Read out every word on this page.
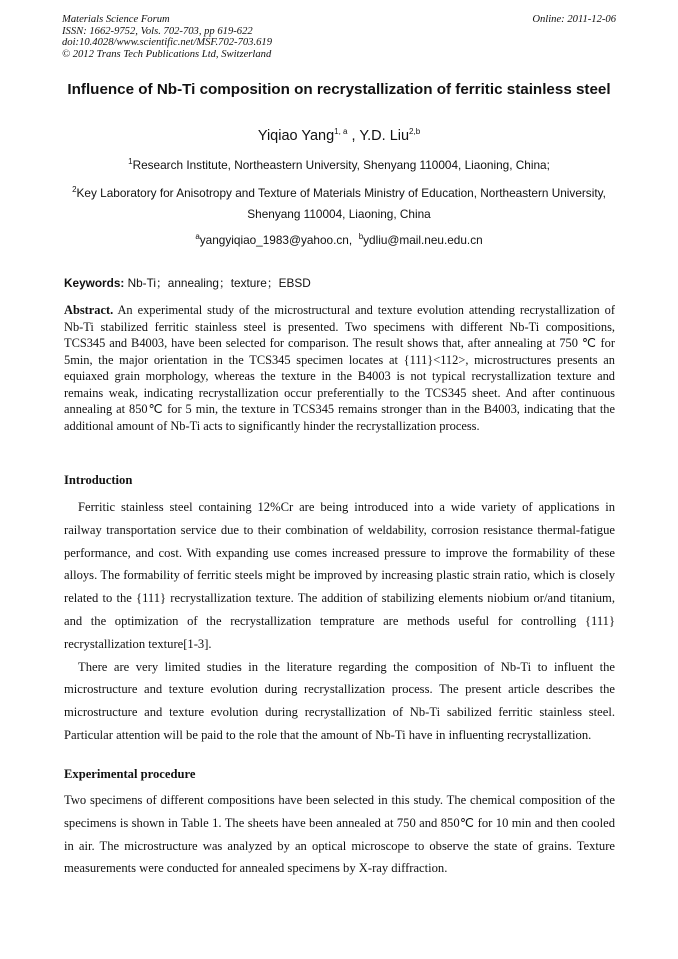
Materials Science Forum
ISSN: 1662-9752, Vols. 702-703, pp 619-622
doi:10.4028/www.scientific.net/MSF.702-703.619
© 2012 Trans Tech Publications Ltd, Switzerland
Online: 2011-12-06
Influence of Nb-Ti composition on recrystallization of ferritic stainless steel
Yiqiao Yang$^{1, a}$ , Y.D. Liu$^{2,b}$
$^1$Research Institute, Northeastern University, Shenyang 110004, Liaoning, China;
$^2$Key Laboratory for Anisotropy and Texture of Materials Ministry of Education, Northeastern University, Shenyang 110004, Liaoning, China
$^a$yangyiqiao_1983@yahoo.cn, $^b$ydliu@mail.neu.edu.cn
Keywords: Nb-Ti；annealing；texture；EBSD
Abstract. An experimental study of the microstructural and texture evolution attending recrystallization of Nb-Ti stabilized ferritic stainless steel is presented. Two specimens with different Nb-Ti compositions, TCS345 and B4003, have been selected for comparison. The result shows that, after annealing at 750 ℃ for 5min, the major orientation in the TCS345 specimen locates at {111}<112>, microstructures presents an equiaxed grain morphology, whereas the texture in the B4003 is not typical recrystallization texture and remains weak, indicating recrystallization occur preferentially to the TCS345 sheet. And after continuous annealing at 850℃ for 5 min, the texture in TCS345 remains stronger than in the B4003, indicating that the additional amount of Nb-Ti acts to significantly hinder the recrystallization process.
Introduction

Ferritic stainless steel containing 12%Cr are being introduced into a wide variety of applications in railway transportation service due to their combination of weldability, corrosion resistance thermal-fatigue performance, and cost. With expanding use comes increased pressure to improve the formability of these alloys. The formability of ferritic steels might be improved by increasing plastic strain ratio, which is closely related to the {111} recrystallization texture. The addition of stabilizing elements niobium or/and titanium, and the optimization of the recrystallization temprature are methods useful for controlling {111} recrystallization texture[1-3].

There are very limited studies in the literature regarding the composition of Nb-Ti to influent the microstructure and texture evolution during recrystallization process. The present article describes the microstructure and texture evolution during recrystallization of Nb-Ti sabilized ferritic stainless steel. Particular attention will be paid to the role that the amount of Nb-Ti have in influenting recrystallization.

Experimental procedure

Two specimens of different compositions have been selected in this study. The chemical composition of the specimens is shown in Table 1. The sheets have been annealed at 750 and 850℃ for 10 min and then cooled in air. The microstructure was analyzed by an optical microscope to observe the state of grains. Texture measurements were conducted for annealed specimens by X-ray diffraction.
